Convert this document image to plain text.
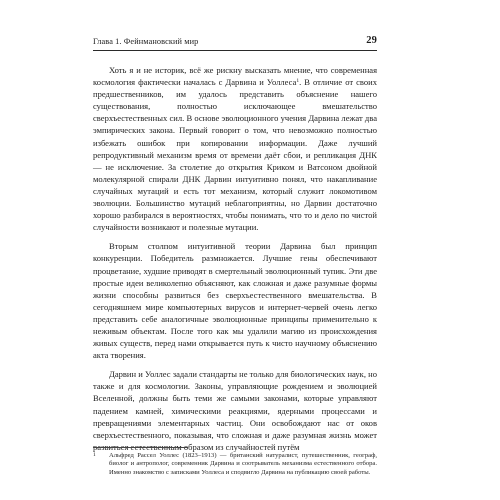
Глава 1. Фейнмановский мир	29

Хоть я и не историк, всё же рискну высказать мнение, что современная космология фактически началась с Дарвина и Уоллеса$^1$. В отличие от своих предшественников, им удалось представить объяснение нашего существования, полностью исключающее вмешательство сверхъестественных сил. В основе эволюционного учения Дарвина лежат два эмпирических закона. Первый говорит о том, что невозможно полностью избежать ошибок при копировании информации. Даже лучший репродуктивный механизм время от времени даёт сбои, и репликация ДНК — не исключение. За столетие до открытия Криком и Ватсоном двойной молекулярной спирали ДНК Дарвин интуитивно понял, что накапливание случайных мутаций и есть тот механизм, который служит локомотивом эволюции. Большинство мутаций неблагоприятны, но Дарвин достаточно хорошо разбирался в вероятностях, чтобы понимать, что то и дело по чистой случайности возникают и полезные мутации.

Вторым столпом интуитивной теории Дарвина был принцип конкуренции. Победитель размножается. Лучшие гены обеспечивают процветание, худшие приводят в смертельный эволюционный тупик. Эти две простые идеи великолепно объясняют, как сложная и даже разумные формы жизни способны развиться без сверхъестественного вмешательства. В сегодняшнем мире компьютерных вирусов и интернет-червей очень легко представить себе аналогичные эволюционные принципы применительно к неживым объектам. После того как мы удалили магию из происхождения живых существ, перед нами открывается путь к чисто научному объяснению акта творения.

Дарвин и Уоллес задали стандарты не только для биологических наук, но также и для космологии. Законы, управляющие рождением и эволюцией Вселенной, должны быть теми же самыми законами, которые управляют падением камней, химическими реакциями, ядерными процессами и превращениями элементарных частиц. Они освобождают нас от оков сверхъестественного, показывая, что сложная и даже разумная жизнь может развиться естественным образом из случайностей путём

1	Альфред Рассел Уоллес (1823–1913) — британский натуралист, путешественник, географ, биолог и антрополог, современник Дарвина и соотрыватель механизма естественного отбора. Именно знакомство с записками Уоллеса и сподвигло Дарвина на публикацию своей работы.
